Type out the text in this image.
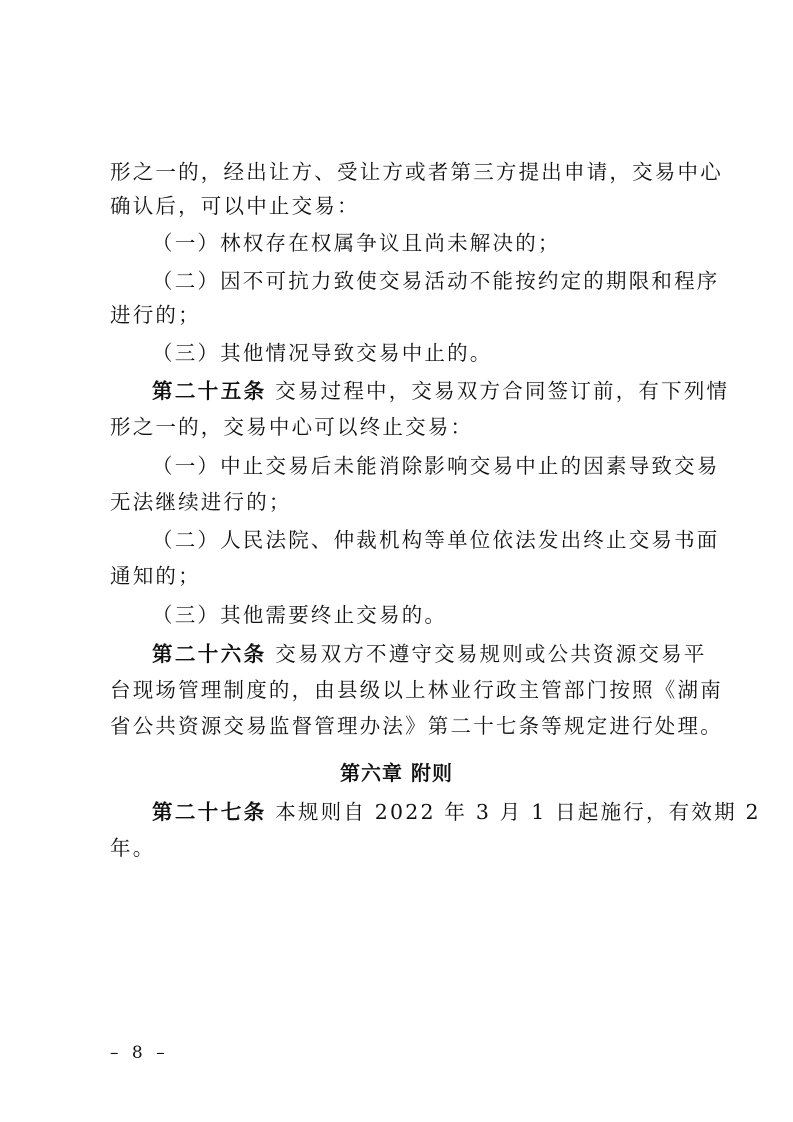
形之一的，经出让方、受让方或者第三方提出申请，交易中心
确认后，可以中止交易：
（一）林权存在权属争议且尚未解决的；
（二）因不可抗力致使交易活动不能按约定的期限和程序
进行的；
（三）其他情况导致交易中止的。
第二十五条 交易过程中，交易双方合同签订前，有下列情
形之一的，交易中心可以终止交易：
（一）中止交易后未能消除影响交易中止的因素导致交易
无法继续进行的；
（二）人民法院、仲裁机构等单位依法发出终止交易书面
通知的；
（三）其他需要终止交易的。
第二十六条 交易双方不遵守交易规则或公共资源交易平
台现场管理制度的，由县级以上林业行政主管部门按照《湖南
省公共资源交易监督管理办法》第二十七条等规定进行处理。
第六章 附则
第二十七条 本规则自 2022 年 3 月 1 日起施行，有效期 2
年。
– 8 –
